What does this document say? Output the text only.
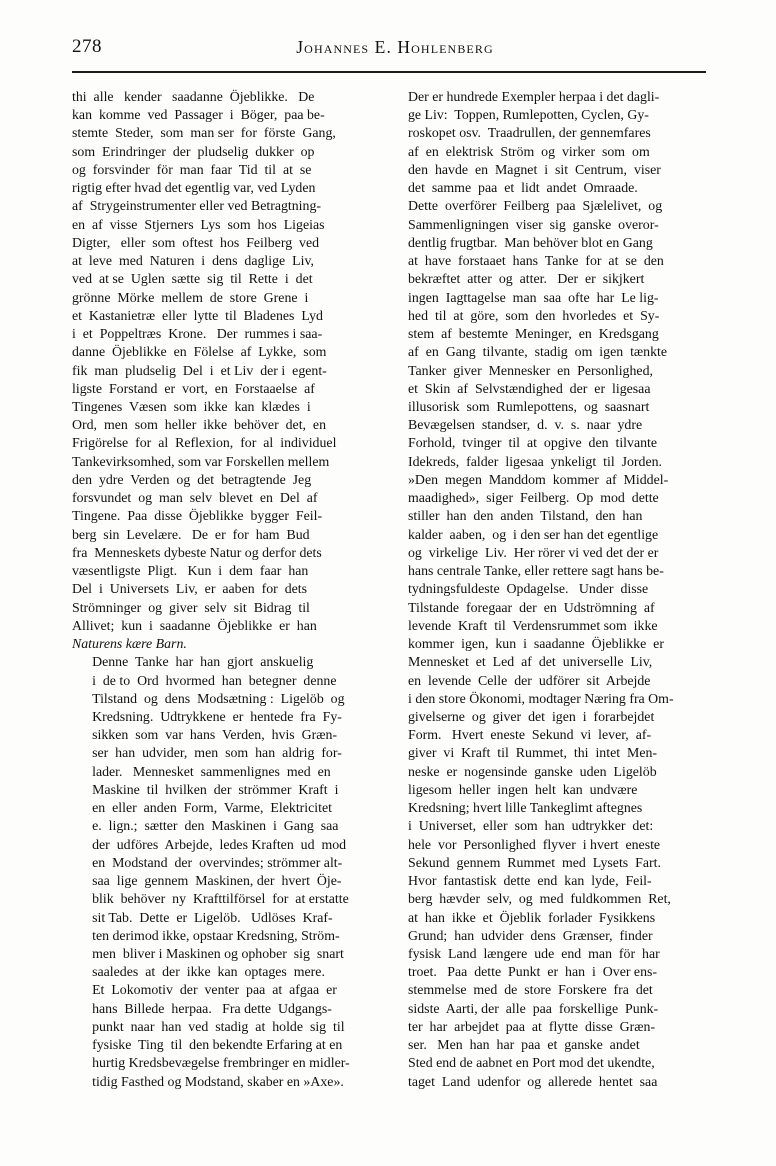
278	Johannes E. Hohlenberg

thi  alle   kender   saadanne  Öjeblikke.   De
kan  komme  ved  Passager  i  Böger,  paa be-
stemte  Steder,  som  man ser  for  förste  Gang,
som  Erindringer  der  pludselig  dukker  op
og  forsvinder  för  man  faar  Tid  til  at  se
rigtig efter hvad det egentlig var, ved Lyden
af  Strygeinstrumenter eller ved Betragtning-
en  af  visse  Stjerners  Lys  som  hos  Ligeias
Digter,   eller  som  oftest  hos  Feilberg  ved
at  leve  med  Naturen  i  dens  daglige  Liv,
ved  at se  Uglen  sætte  sig  til  Rette  i  det
grönne  Mörke  mellem  de  store  Grene  i
et  Kastanietræ  eller  lytte  til  Bladenes  Lyd
i  et  Poppeltræs  Krone.   Der  rummes i saa-
danne  Öjeblikke  en  Fölelse  af  Lykke,  som
fik  man  pludselig  Del  i  et Liv  der i  egent-
ligste  Forstand  er  vort,  en  Forstaaelse  af
Tingenes  Væsen  som  ikke  kan  klædes  i
Ord,  men  som  heller  ikke  behöver  det,  en
Frigörelse  for  al  Reflexion,  for  al  individuel
Tankevirksomhed, som var Forskellen mellem
den  ydre  Verden  og  det  betragtende  Jeg
forsvundet  og  man  selv  blevet  en  Del  af
Tingene.  Paa  disse  Öjeblikke  bygger  Feil-
berg  sin  Levelære.   De  er  for  ham  Bud
fra  Menneskets dybeste Natur og derfor dets
væsentligste  Pligt.   Kun  i  dem  faar  han
Del  i  Universets  Liv,  er  aaben  for  dets
Strömninger  og  giver  selv  sit  Bidrag  til
Allivet;  kun  i  saadanne  Öjeblikke  er  han

Naturens kære Barn.

Denne  Tanke  har  han  gjort  anskuelig
i  de to  Ord  hvormed  han  betegner  denne
Tilstand  og  dens  Modsætning :  Ligelöb  og
Kredsning.  Udtrykkene  er  hentede  fra  Fy-
sikken  som  var  hans  Verden,  hvis  Græn-
ser  han  udvider,  men  som  han  aldrig  for-
lader.   Mennesket  sammenlignes  med  en
Maskine  til  hvilken  der  strömmer  Kraft  i
en  eller  anden  Form,  Varme,  Elektricitet
e.  lign.;  sætter  den  Maskinen  i  Gang  saa
der  udföres  Arbejde,  ledes Kraften  ud  mod
en  Modstand  der  overvindes; strömmer alt-
saa  lige  gennem  Maskinen, der  hvert  Öje-
blik  behöver  ny  Krafttilförsel  for  at erstatte
sit Tab.  Dette  er  Ligelöb.   Udlöses  Kraf-
ten derimod ikke, opstaar Kredsning, Ström-
men  bliver i Maskinen og ophober  sig  snart
saaledes  at  der  ikke  kan  optages  mere.
Et  Lokomotiv  der  venter  paa  at  afgaa  er
hans  Billede  herpaa.   Fra dette  Udgangs-
punkt  naar  han  ved  stadig  at  holde  sig  til
fysiske  Ting  til  den bekendte Erfaring at en
hurtig Kredsbevægelse frembringer en midler-
tidig Fasthed og Modstand, skaber en »Axe».

Der er hundrede Exempler herpaa i det dagli-
ge Liv:  Toppen, Rumlepotten, Cyclen, Gy-
roskopet osv.  Traadrullen, der gennemfares
af  en  elektrisk  Ström  og  virker  som  om
den  havde  en  Magnet  i  sit  Centrum,  viser
det  samme  paa  et  lidt  andet  Omraade.
Dette  overförer  Feilberg  paa  Sjælelivet,  og
Sammenligningen  viser  sig  ganske  overor-
dentlig frugtbar.  Man behöver blot en Gang
at  have  forstaaet  hans  Tanke  for  at  se  den
bekræftet  atter  og  atter.   Der  er  sikjkert
ingen  Iagttagelse  man  saa  ofte  har  Le lig-
hed  til  at  göre,  som  den  hvorledes  et  Sy-
stem  af  bestemte  Meninger,  en  Kredsgang
af  en  Gang  tilvante,  stadig  om  igen  tænkte
Tanker  giver  Mennesker  en  Personlighed,
et  Skin  af  Selvstændighed  der  er  ligesaa
illusorisk  som  Rumlepottens,  og  saasnart
Bevægelsen  standser,  d.  v.  s.  naar  ydre
Forhold,  tvinger  til  at  opgive  den  tilvante
Idekreds,  falder  ligesaa  ynkeligt  til  Jorden.
»Den  megen  Manddom  kommer  af  Middel-
maadighed»,  siger  Feilberg.  Op  mod  dette
stiller  han  den  anden  Tilstand,  den  han
kalder  aaben,  og  i den ser han det egentlige
og  virkelige  Liv.  Her rörer vi ved det der er
hans centrale Tanke, eller rettere sagt hans be-
tydningsfuldeste  Opdagelse.   Under  disse
Tilstande  foregaar  der  en  Udströmning  af
levende  Kraft  til  Verdensrummet som  ikke
kommer  igen,  kun  i  saadanne  Öjeblikke  er
Mennesket  et  Led  af  det  universelle  Liv,
en  levende  Celle  der  udförer  sit  Arbejde
i den store Ökonomi, modtager Næring fra Om-
givelserne  og  giver  det  igen  i  forarbejdet
Form.   Hvert  eneste  Sekund  vi  lever,  af-
giver  vi  Kraft  til  Rummet,  thi  intet  Men-
neske  er  nogensinde  ganske  uden  Ligelöb
ligesom  heller  ingen  helt  kan  undvære
Kredsning; hvert lille Tankeglimt aftegnes
i  Universet,  eller  som  han  udtrykker  det:
hele  vor  Personlighed  flyver  i hvert  eneste
Sekund  gennem  Rummet  med  Lysets  Fart.
Hvor  fantastisk  dette  end  kan  lyde,  Feil-
berg  hævder  selv,  og  med  fuldkommen  Ret,
at  han  ikke  et  Öjeblik  forlader  Fysikkens
Grund;  han  udvider  dens  Grænser,  finder
fysisk  Land  længere  ude  end  man  för  har
troet.   Paa  dette  Punkt  er  han  i  Over ens-
stemmelse  med  de  store  Forskere  fra  det
sidste  Aarti, der  alle  paa  forskellige  Punk-
ter  har  arbejdet  paa  at  flytte  disse  Græn-
ser.   Men  han  har  paa  et  ganske  andet
Sted end de aabnet en Port mod det ukendte,
taget  Land  udenfor  og  allerede  hentet  saa
